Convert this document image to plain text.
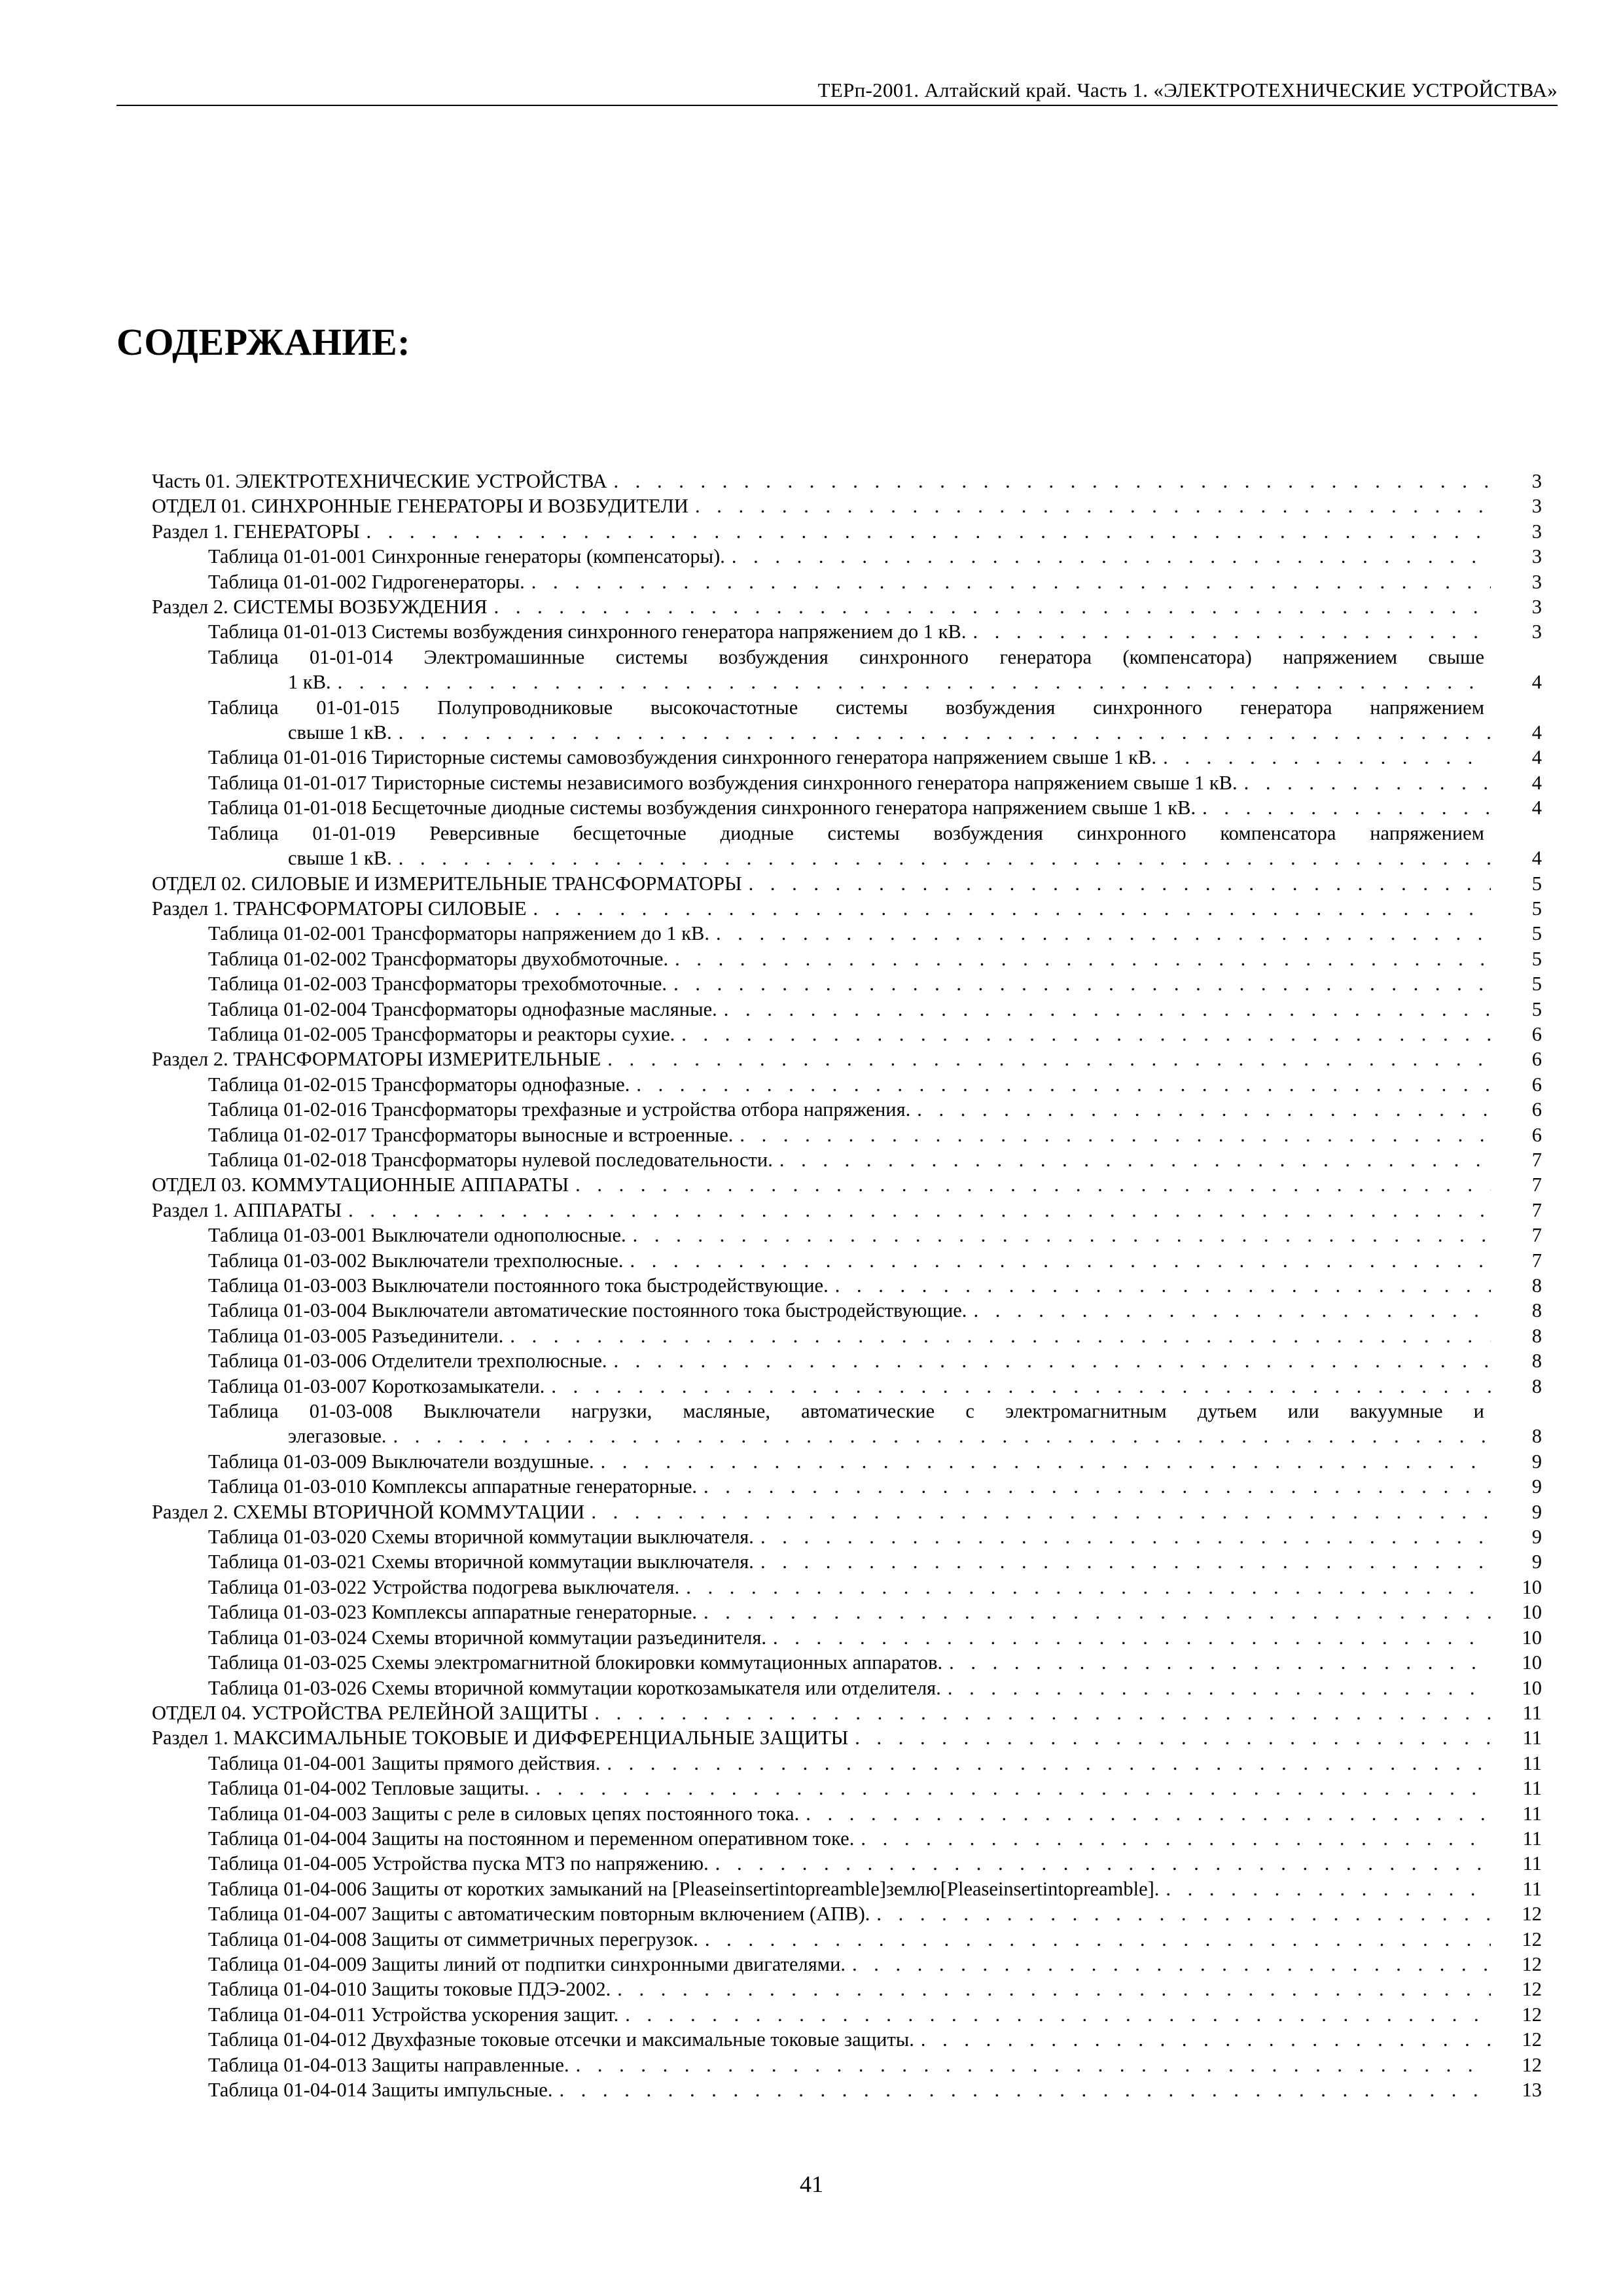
ТЕРп-2001. Алтайский край. Часть 1. «ЭЛЕКТРОТЕХНИЧЕСКИЕ УСТРОЙСТВА»
СОДЕРЖАНИЕ:
Часть 01. ЭЛЕКТРОТЕХНИЧЕСКИЕ УСТРОЙСТВА . . .	3
ОТДЕЛ 01. СИНХРОННЫЕ ГЕНЕРАТОРЫ И ВОЗБУДИТЕЛИ . . .	3
Раздел 1. ГЕНЕРАТОРЫ . . .	3
Таблица 01-01-001 Синхронные генераторы (компенсаторы). . . .	3
Таблица 01-01-002 Гидрогенераторы. . . .	3
Раздел 2. СИСТЕМЫ ВОЗБУЖДЕНИЯ . . .	3
Таблица 01-01-013 Системы возбуждения синхронного генератора напряжением до 1 кВ. . . .	3
Таблица 01-01-014 Электромашинные системы возбуждения синхронного генератора (компенсатора) напряжением свыше
1 кВ. . . .	4
Таблица 01-01-015 Полупроводниковые высокочастотные системы возбуждения синхронного генератора напряжением
свыше 1 кВ. . . .	4
Таблица 01-01-016 Тиристорные системы самовозбуждения синхронного генератора напряжением свыше 1 кВ. . . .	4
Таблица 01-01-017 Тиристорные системы независимого возбуждения синхронного генератора напряжением свыше 1 кВ. . . .	4
Таблица 01-01-018 Бесщеточные диодные системы возбуждения синхронного генератора напряжением свыше 1 кВ. . . .	4
Таблица 01-01-019 Реверсивные бесщеточные диодные системы возбуждения синхронного компенсатора напряжением
свыше 1 кВ. . . .	4
ОТДЕЛ 02. СИЛОВЫЕ И ИЗМЕРИТЕЛЬНЫЕ ТРАНСФОРМАТОРЫ . . .	5
Раздел 1. ТРАНСФОРМАТОРЫ СИЛОВЫЕ . . .	5
Таблица 01-02-001 Трансформаторы напряжением до 1 кВ. . . .	5
Таблица 01-02-002 Трансформаторы двухобмоточные. . . .	5
Таблица 01-02-003 Трансформаторы трехобмоточные. . . .	5
Таблица 01-02-004 Трансформаторы однофазные масляные. . . .	5
Таблица 01-02-005 Трансформаторы и реакторы сухие. . . .	6
Раздел 2. ТРАНСФОРМАТОРЫ ИЗМЕРИТЕЛЬНЫЕ . . .	6
Таблица 01-02-015 Трансформаторы однофазные. . . .	6
Таблица 01-02-016 Трансформаторы трехфазные и устройства отбора напряжения. . . .	6
Таблица 01-02-017 Трансформаторы выносные и встроенные. . . .	6
Таблица 01-02-018 Трансформаторы нулевой последовательности. . . .	7
ОТДЕЛ 03. КОММУТАЦИОННЫЕ АППАРАТЫ . . .	7
Раздел 1. АППАРАТЫ . . .	7
Таблица 01-03-001 Выключатели однополюсные. . . .	7
Таблица 01-03-002 Выключатели трехполюсные. . . .	7
Таблица 01-03-003 Выключатели постоянного тока быстродействующие. . . .	8
Таблица 01-03-004 Выключатели автоматические постоянного тока быстродействующие. . . .	8
Таблица 01-03-005 Разъединители. . . .	8
Таблица 01-03-006 Отделители трехполюсные. . . .	8
Таблица 01-03-007 Короткозамыкатели. . . .	8
Таблица 01-03-008 Выключатели нагрузки, масляные, автоматические с электромагнитным дутьем или вакуумные и
элегазовые. . . .	8
Таблица 01-03-009 Выключатели воздушные. . . .	9
Таблица 01-03-010 Комплексы аппаратные генераторные. . . .	9
Раздел 2. СХЕМЫ ВТОРИЧНОЙ КОММУТАЦИИ . . .	9
Таблица 01-03-020 Схемы вторичной коммутации выключателя. . . .	9
Таблица 01-03-021 Схемы вторичной коммутации выключателя. . . .	9
Таблица 01-03-022 Устройства подогрева выключателя. . . .	10
Таблица 01-03-023 Комплексы аппаратные генераторные. . . .	10
Таблица 01-03-024 Схемы вторичной коммутации разъединителя. . . .	10
Таблица 01-03-025 Схемы электромагнитной блокировки коммутационных аппаратов. . . .	10
Таблица 01-03-026 Схемы вторичной коммутации короткозамыкателя или отделителя. . . .	10
ОТДЕЛ 04. УСТРОЙСТВА РЕЛЕЙНОЙ ЗАЩИТЫ . . .	11
Раздел 1. МАКСИМАЛЬНЫЕ ТОКОВЫЕ И ДИФФЕРЕНЦИАЛЬНЫЕ ЗАЩИТЫ . . .	11
Таблица 01-04-001 Защиты прямого действия. . . .	11
Таблица 01-04-002 Тепловые защиты. . . .	11
Таблица 01-04-003 Защиты с реле в силовых цепях постоянного тока. . . .	11
Таблица 01-04-004 Защиты на постоянном и переменном оперативном токе. . . .	11
Таблица 01-04-005 Устройства пуска МТЗ по напряжению. . . .	11
Таблица 01-04-006 Защиты от коротких замыканий на [Pleaseinsertintopreamble]землю[Pleaseinsertintopreamble]. . . .	11
Таблица 01-04-007 Защиты с автоматическим повторным включением (АПВ). . . .	12
Таблица 01-04-008 Защиты от симметричных перегрузок. . . .	12
Таблица 01-04-009 Защиты линий от подпитки синхронными двигателями. . . .	12
Таблица 01-04-010 Защиты токовые ПДЭ-2002. . . .	12
Таблица 01-04-011 Устройства ускорения защит. . . .	12
Таблица 01-04-012 Двухфазные токовые отсечки и максимальные токовые защиты. . . .	12
Таблица 01-04-013 Защиты направленные. . . .	12
Таблица 01-04-014 Защиты импульсные. . . .	13
41
